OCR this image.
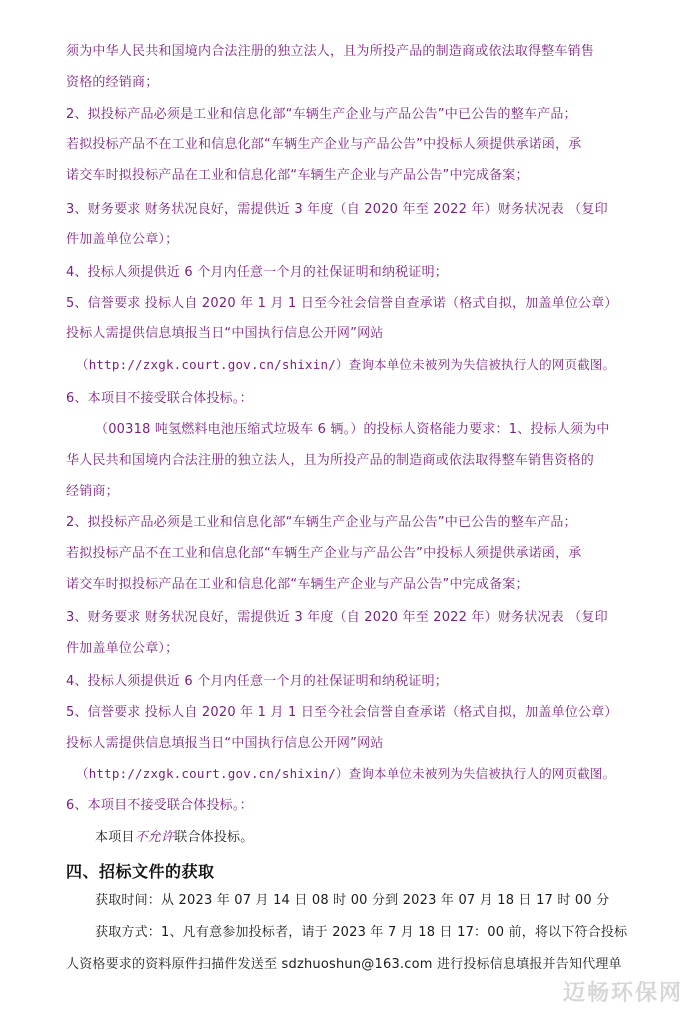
须为中华人民共和国境内合法注册的独立法人，且为所投产品的制造商或依法取得整车销售
资格的经销商；
2、拟投标产品必须是工业和信息化部“车辆生产企业与产品公告”中已公告的整车产品；
若拟投标产品不在工业和信息化部“车辆生产企业与产品公告”中投标人须提供承诺函，承
诺交车时拟投标产品在工业和信息化部“车辆生产企业与产品公告”中完成备案；
3、财务要求 财务状况良好，需提供近 3 年度（自 2020 年至 2022 年）财务状况表 （复印
件加盖单位公章）；
4、投标人须提供近 6 个月内任意一个月的社保证明和纳税证明；
5、信誉要求 投标人自 2020 年 1 月 1 日至今社会信誉自查承诺（格式自拟，加盖单位公章）
投标人需提供信息填报当日“中国执行信息公开网”网站
（http://zxgk.court.gov.cn/shixin/）查询本单位未被列为失信被执行人的网页截图。
6、本项目不接受联合体投标。：
（00318 吨氢燃料电池压缩式垃圾车 6 辆。）的投标人资格能力要求：1、投标人须为中
华人民共和国境内合法注册的独立法人，且为所投产品的制造商或依法取得整车销售资格的
经销商；
2、拟投标产品必须是工业和信息化部“车辆生产企业与产品公告”中已公告的整车产品；
若拟投标产品不在工业和信息化部“车辆生产企业与产品公告”中投标人须提供承诺函，承
诺交车时拟投标产品在工业和信息化部“车辆生产企业与产品公告”中完成备案；
3、财务要求 财务状况良好，需提供近 3 年度（自 2020 年至 2022 年）财务状况表 （复印
件加盖单位公章）；
4、投标人须提供近 6 个月内任意一个月的社保证明和纳税证明；
5、信誉要求 投标人自 2020 年 1 月 1 日至今社会信誉自查承诺（格式自拟，加盖单位公章）
投标人需提供信息填报当日“中国执行信息公开网”网站
（http://zxgk.court.gov.cn/shixin/）查询本单位未被列为失信被执行人的网页截图。
6、本项目不接受联合体投标。：
本项目不允许联合体投标。
四、招标文件的获取
获取时间：从 2023 年 07 月 14 日 08 时 00 分到 2023 年 07 月 18 日 17 时 00 分
获取方式：1、凡有意参加投标者，请于 2023 年 7 月 18 日 17：00 前，将以下符合投标
人资格要求的资料原件扫描件发送至 sdzhuoshun@163.com 进行投标信息填报并告知代理单
迈畅环保网
